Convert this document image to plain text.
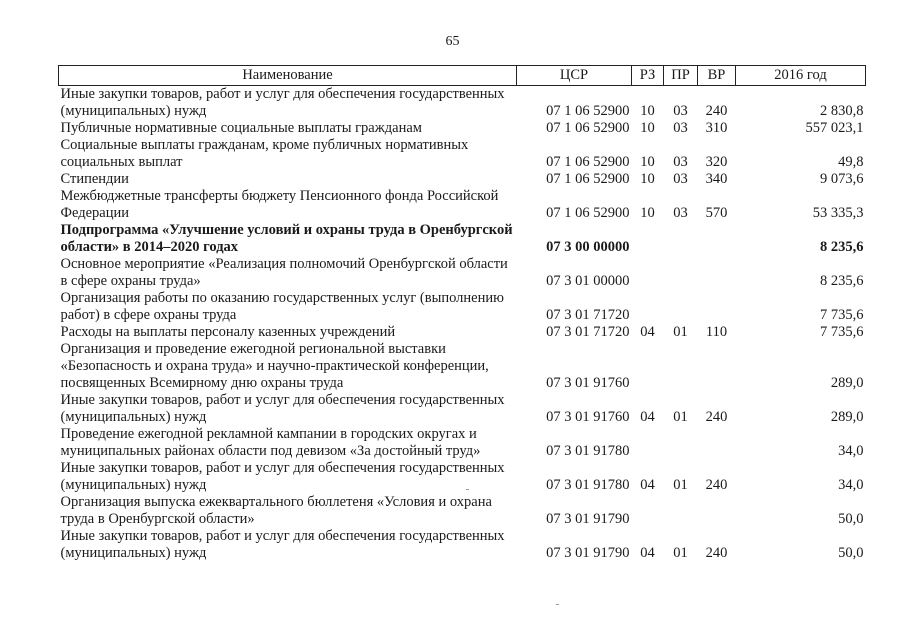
65
Наименование	ЦСР	РЗ	ПР	ВР	2016 год
Иные закупки товаров, работ и услуг для обеспечения государственных (муниципальных) нужд	07 1 06 52900	10	03	240	2 830,8
Публичные нормативные социальные выплаты гражданам	07 1 06 52900	10	03	310	557 023,1
Социальные выплаты гражданам, кроме публичных нормативных социальных выплат	07 1 06 52900	10	03	320	49,8
Стипендии	07 1 06 52900	10	03	340	9 073,6
Межбюджетные трансферты бюджету Пенсионного фонда Российской Федерации	07 1 06 52900	10	03	570	53 335,3
Подпрограмма «Улучшение условий и охраны труда в Оренбургской области» в 2014–2020 годах	07 3 00 00000				8 235,6
Основное мероприятие «Реализация полномочий Оренбургской области в сфере охраны труда»	07 3 01 00000				8 235,6
Организация работы по оказанию государственных услуг (выполнению работ) в сфере охраны труда	07 3 01 71720				7 735,6
Расходы на выплаты персоналу казенных учреждений	07 3 01 71720	04	01	110	7 735,6
Организация и проведение ежегодной региональной выставки «Безопасность и охрана труда» и научно-практической конференции, посвященных Всемирному дню охраны труда	07 3 01 91760				289,0
Иные закупки товаров, работ и услуг для обеспечения государственных (муниципальных) нужд	07 3 01 91760	04	01	240	289,0
Проведение ежегодной рекламной кампании в городских округах и муниципальных районах области под девизом «За достойный труд»	07 3 01 91780				34,0
Иные закупки товаров, работ и услуг для обеспечения государственных (муниципальных) нужд	07 3 01 91780	04	01	240	34,0
Организация выпуска ежеквартального бюллетеня «Условия и охрана труда в Оренбургской области»	07 3 01 91790				50,0
Иные закупки товаров, работ и услуг для обеспечения государственных (муниципальных) нужд	07 3 01 91790	04	01	240	50,0
